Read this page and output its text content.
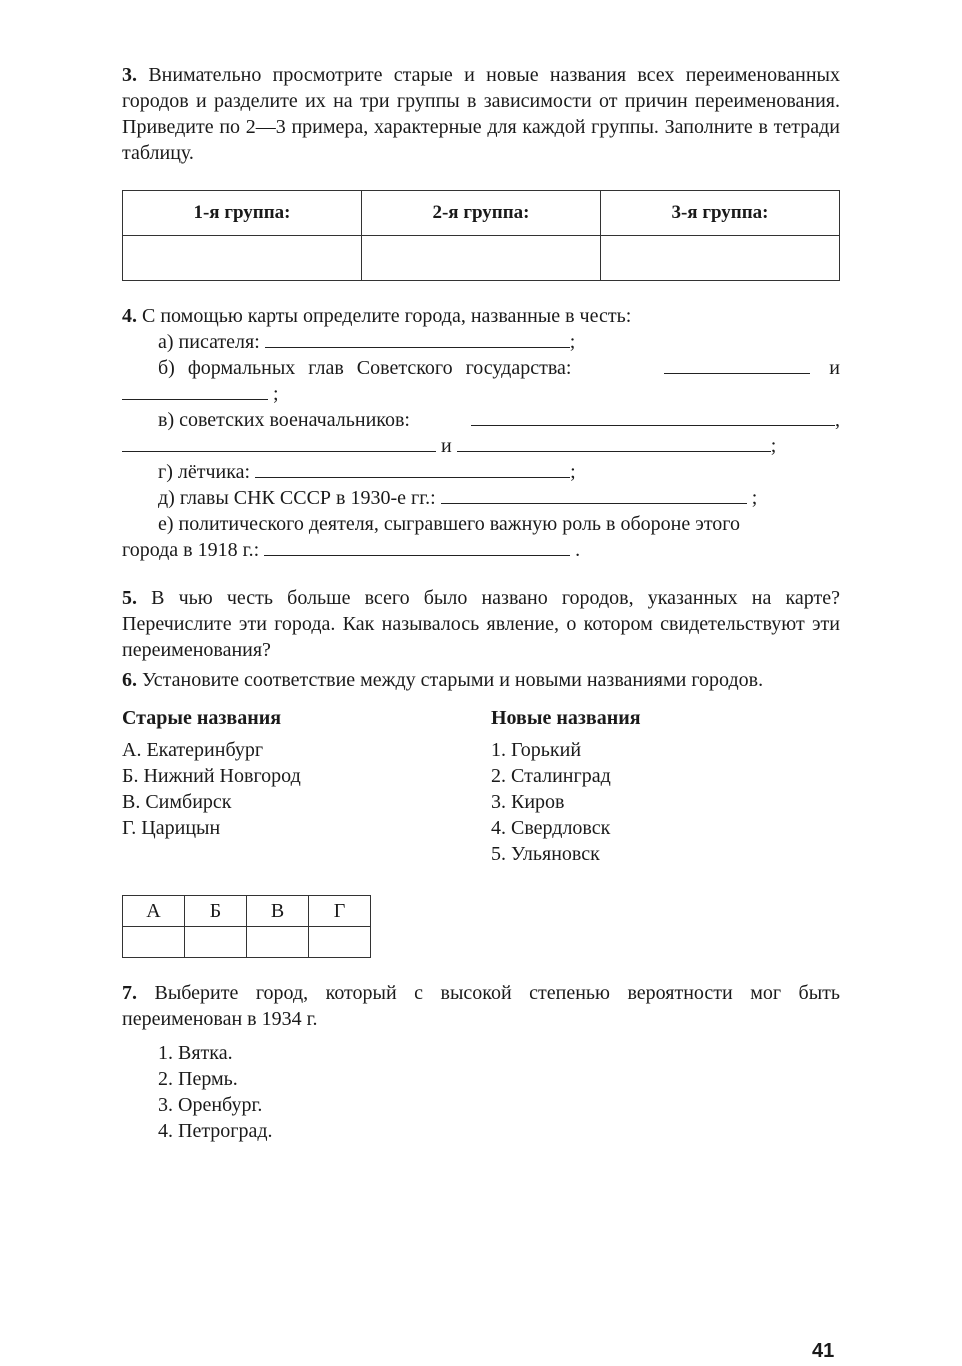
3. Внимательно просмотрите старые и новые названия всех переименованных городов и разделите их на три группы в зависимости от причин переименования. Приведите по 2—3 примера, характерные для каждой группы. Заполните в тетради таблицу.

1-я группа:	2-я группа:	3-я группа:

4. С помощью карты определите города, названные в честь:

а) писателя:	;

б) формальных глав Советского государства:	и

;

в) советских военачальников:	,

и	;

г) лётчика:	;

д) главы СНК СССР в 1930-е гг.:	;

е) политического деятеля, сыгравшего важную роль в обороне этого

города в 1918 г.:	.

5. В чью честь больше всего было названо городов, указанных на карте? Перечислите эти города. Как называлось явление, о котором свидетельствуют эти переименования?

6. Установите соответствие между старыми и новыми названиями городов.

Старые названия
А. Екатеринбург
Б. Нижний Новгород
В. Симбирск
Г. Царицын
Новые названия
1. Горький
2. Сталинград
3. Киров
4. Свердловск
5. Ульяновск
А	Б	В	Г

7. Выберите город, который с высокой степенью вероятности мог быть переименован в 1934 г.

1. Вятка.
2. Пермь.
3. Оренбург.
4. Петроград.
41
